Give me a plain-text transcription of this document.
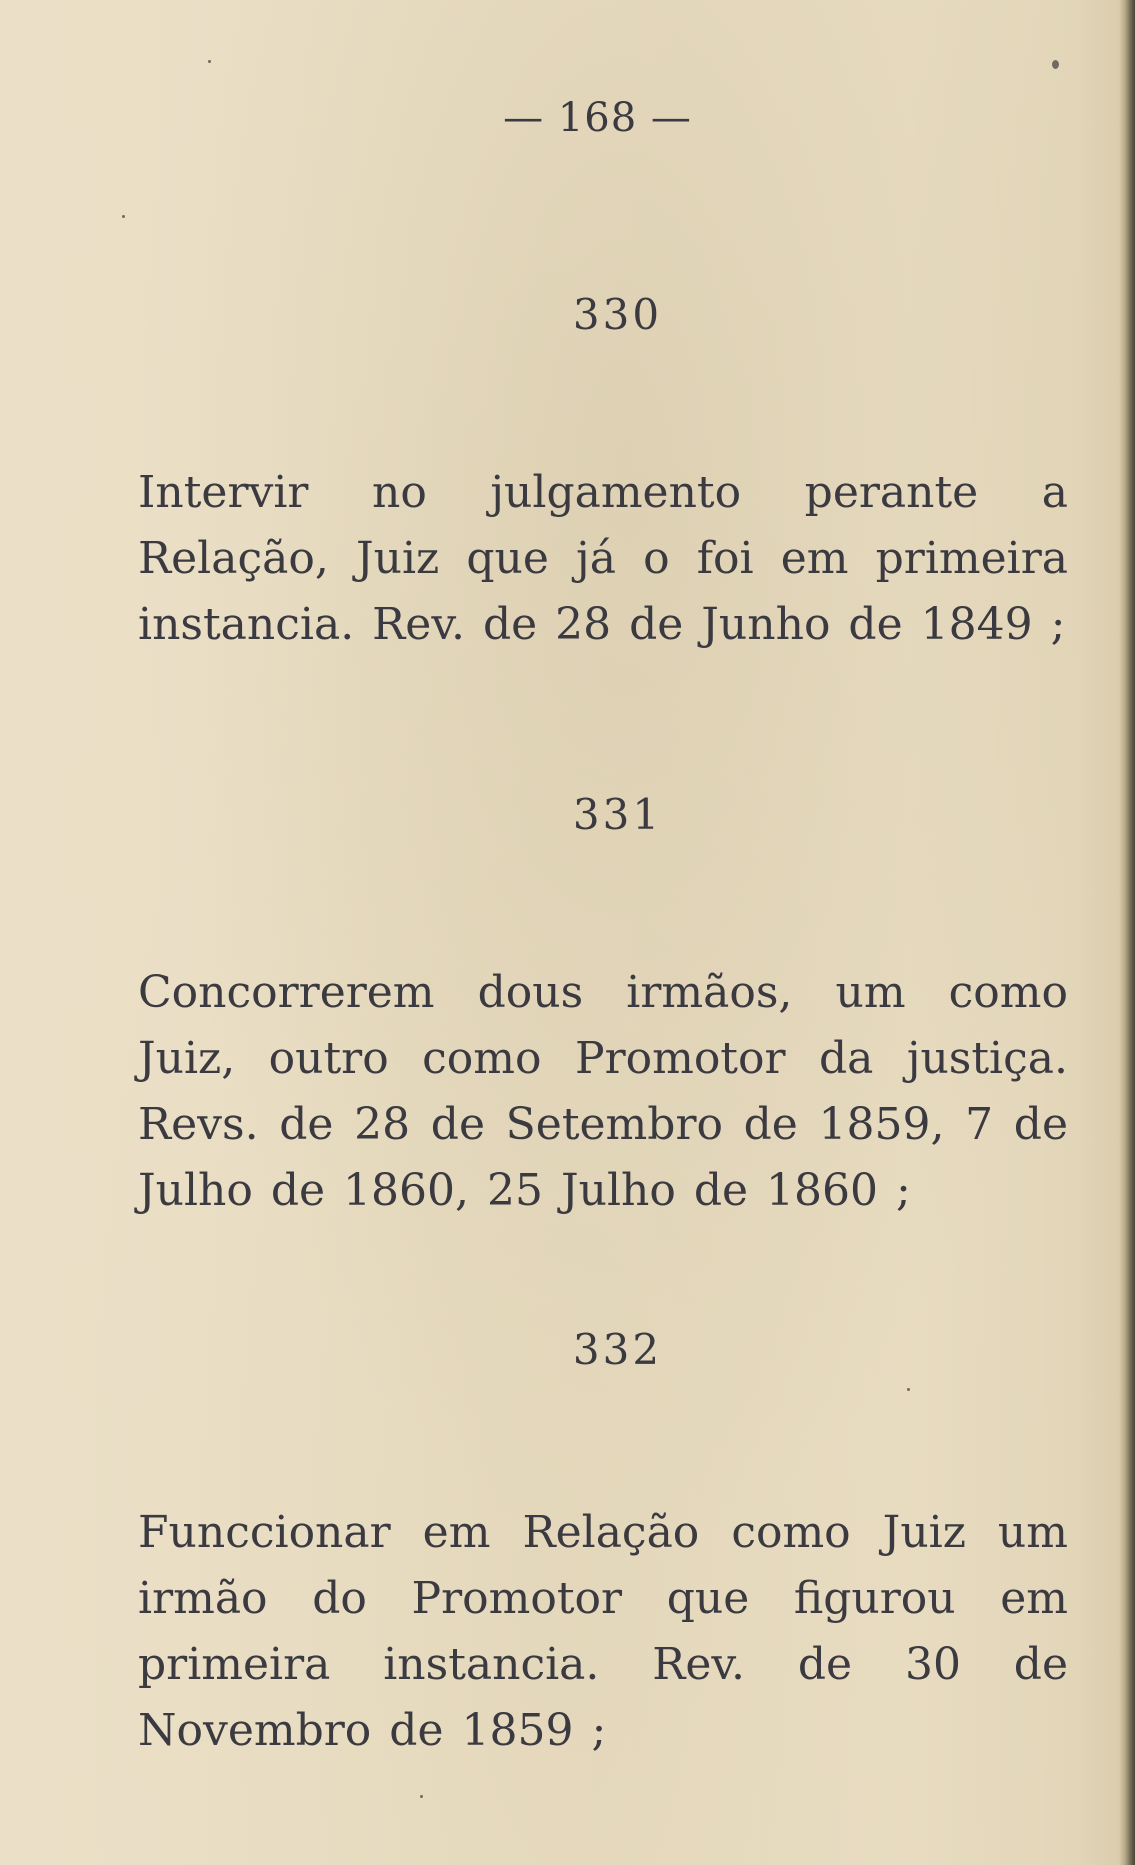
— 168 —
330
Intervir no julgamento perante a Relação, Juiz que já o foi em primeira instancia. Rev. de 28 de Junho de 1849 ;
331
Concorrerem dous irmãos, um como Juiz, outro como Promotor da justiça. Revs. de 28 de Setembro de 1859, 7 de Julho de 1860, 25 Julho de 1860 ;
332
Funccionar em Relação como Juiz um irmão do Promotor que figurou em primeira instancia. Rev. de 30 de Novembro de 1859 ;
